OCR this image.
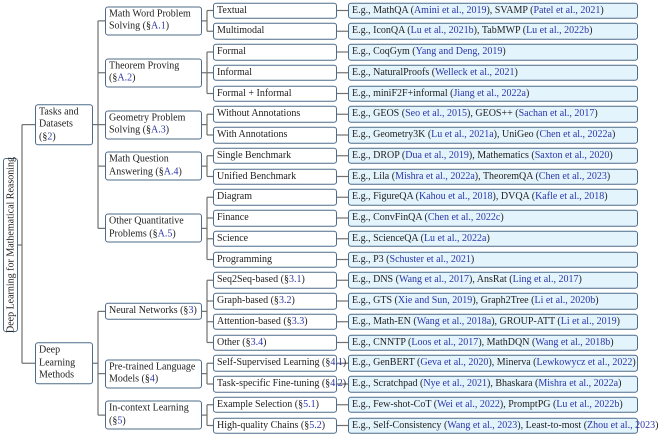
Deep Learning for Mathematical Reasoning
Textual	E.g., MathQA (Amini et al., 2019), SVAMP (Patel et al., 2021)
Multimodal	E.g., IconQA (Lu et al., 2021b), TabMWP (Lu et al., 2022b)
Math Word Problem Solving (§A.1)
Formal	E.g., CoqGym (Yang and Deng, 2019)
Informal	E.g., NaturalProofs (Welleck et al., 2021)
Formal + Informal	E.g., miniF2F+informal (Jiang et al., 2022a)
Theorem Proving (§A.2)
Without Annotations	E.g., GEOS (Seo et al., 2015), GEOS++ (Sachan et al., 2017)
With Annotations	E.g., Geometry3K (Lu et al., 2021a), UniGeo (Chen et al., 2022a)
Geometry Problem Solving (§A.3)
Single Benchmark	E.g., DROP (Dua et al., 2019), Mathematics (Saxton et al., 2020)
Unified Benchmark	E.g., Lila (Mishra et al., 2022a), TheoremQA (Chen et al., 2023)
Math Question Answering (§A.4)
Diagram	E.g., FigureQA (Kahou et al., 2018), DVQA (Kafle et al., 2018)
Finance	E.g., ConvFinQA (Chen et al., 2022c)
Science	E.g., ScienceQA (Lu et al., 2022a)
Programming	E.g., P3 (Schuster et al., 2021)
Other Quantitative Problems (§A.5)
Tasks and Datasets (§2)
Seq2Seq-based (§3.1)	E.g., DNS (Wang et al., 2017), AnsRat (Ling et al., 2017)
Graph-based (§3.2)	E.g., GTS (Xie and Sun, 2019), Graph2Tree (Li et al., 2020b)
Attention-based (§3.3)	E.g., Math-EN (Wang et al., 2018a), GROUP-ATT (Li et al., 2019)
Other (§3.4)	E.g., CNNTP (Loos et al., 2017), MathDQN (Wang et al., 2018b)
Neural Networks (§3)
Self-Supervised Learning (§4.1) E.g., GenBERT (Geva et al., 2020), Minerva (Lewkowycz et al., 2022)
Task-specific Fine-tuning (§4.2) E.g., Scratchpad (Nye et al., 2021), Bhaskara (Mishra et al., 2022a)
Pre-trained Language Models (§4)
Example Selection (§5.1)	E.g., Few-shot-CoT (Wei et al., 2022), PromptPG (Lu et al., 2022b)
High-quality Chains (§5.2)	E.g., Self-Consistency (Wang et al., 2023), Least-to-most (Zhou et al., 2023
In-context Learning (§5)
Deep Learning Methods
